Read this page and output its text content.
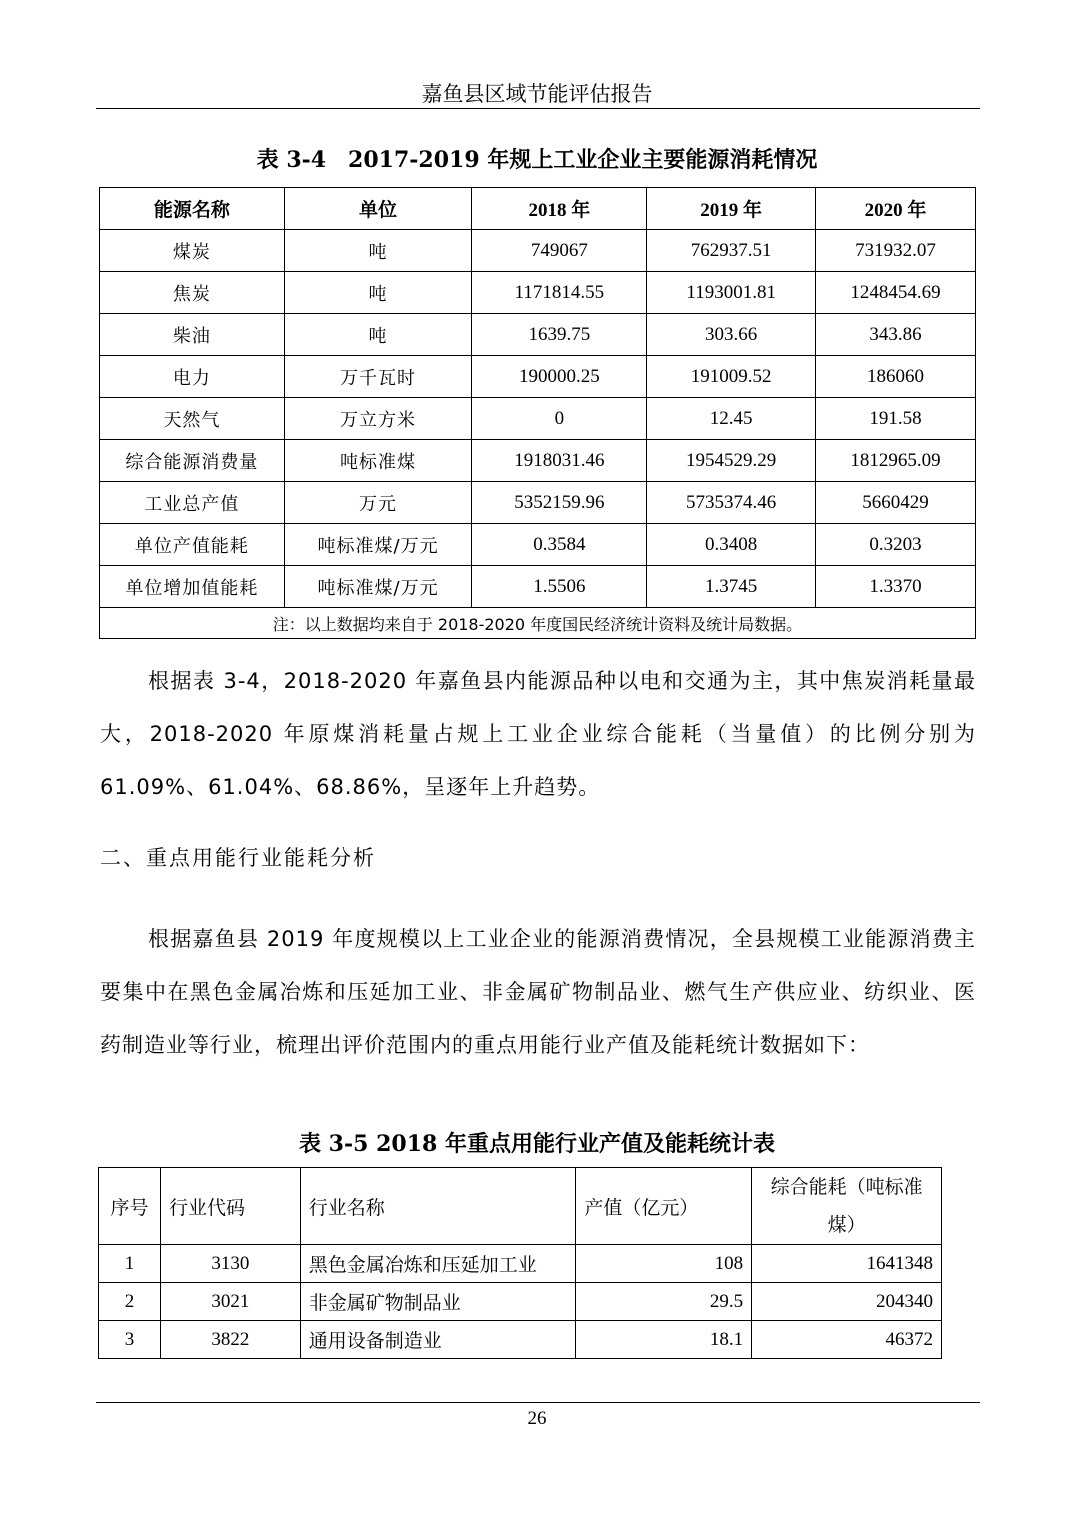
嘉鱼县区域节能评估报告
表 3-4　2017-2019 年规上工业企业主要能源消耗情况
能源名称	单位	2018 年	2019 年	2020 年
煤炭	吨	749067	762937.51	731932.07
焦炭	吨	1171814.55	1193001.81	1248454.69
柴油	吨	1639.75	303.66	343.86
电力	万千瓦时	190000.25	191009.52	186060
天然气	万立方米	0	12.45	191.58
综合能源消费量	吨标准煤	1918031.46	1954529.29	1812965.09
工业总产值	万元	5352159.96	5735374.46	5660429
单位产值能耗	吨标准煤/万元	0.3584	0.3408	0.3203
单位增加值能耗	吨标准煤/万元	1.5506	1.3745	1.3370
注：以上数据均来自于 2018-2020 年度国民经济统计资料及统计局数据。				
根据表 3-4，2018-2020 年嘉鱼县内能源品种以电和交通为主，其中焦炭消耗量最大，2018-2020 年原煤消耗量占规上工业企业综合能耗（当量值）的比例分别为 61.09%、61.04%、68.86%，呈逐年上升趋势。
二、重点用能行业能耗分析
根据嘉鱼县 2019 年度规模以上工业企业的能源消费情况，全县规模工业能源消费主要集中在黑色金属冶炼和压延加工业、非金属矿物制品业、燃气生产供应业、纺织业、医药制造业等行业，梳理出评价范围内的重点用能行业产值及能耗统计数据如下：
表 3-5 2018 年重点用能行业产值及能耗统计表
序号	行业代码	行业名称	产值（亿元）	综合能耗（吨标准煤）
1	3130	黑色金属冶炼和压延加工业	108	1641348
2	3021	非金属矿物制品业	29.5	204340
3	3822	通用设备制造业	18.1	46372
26
